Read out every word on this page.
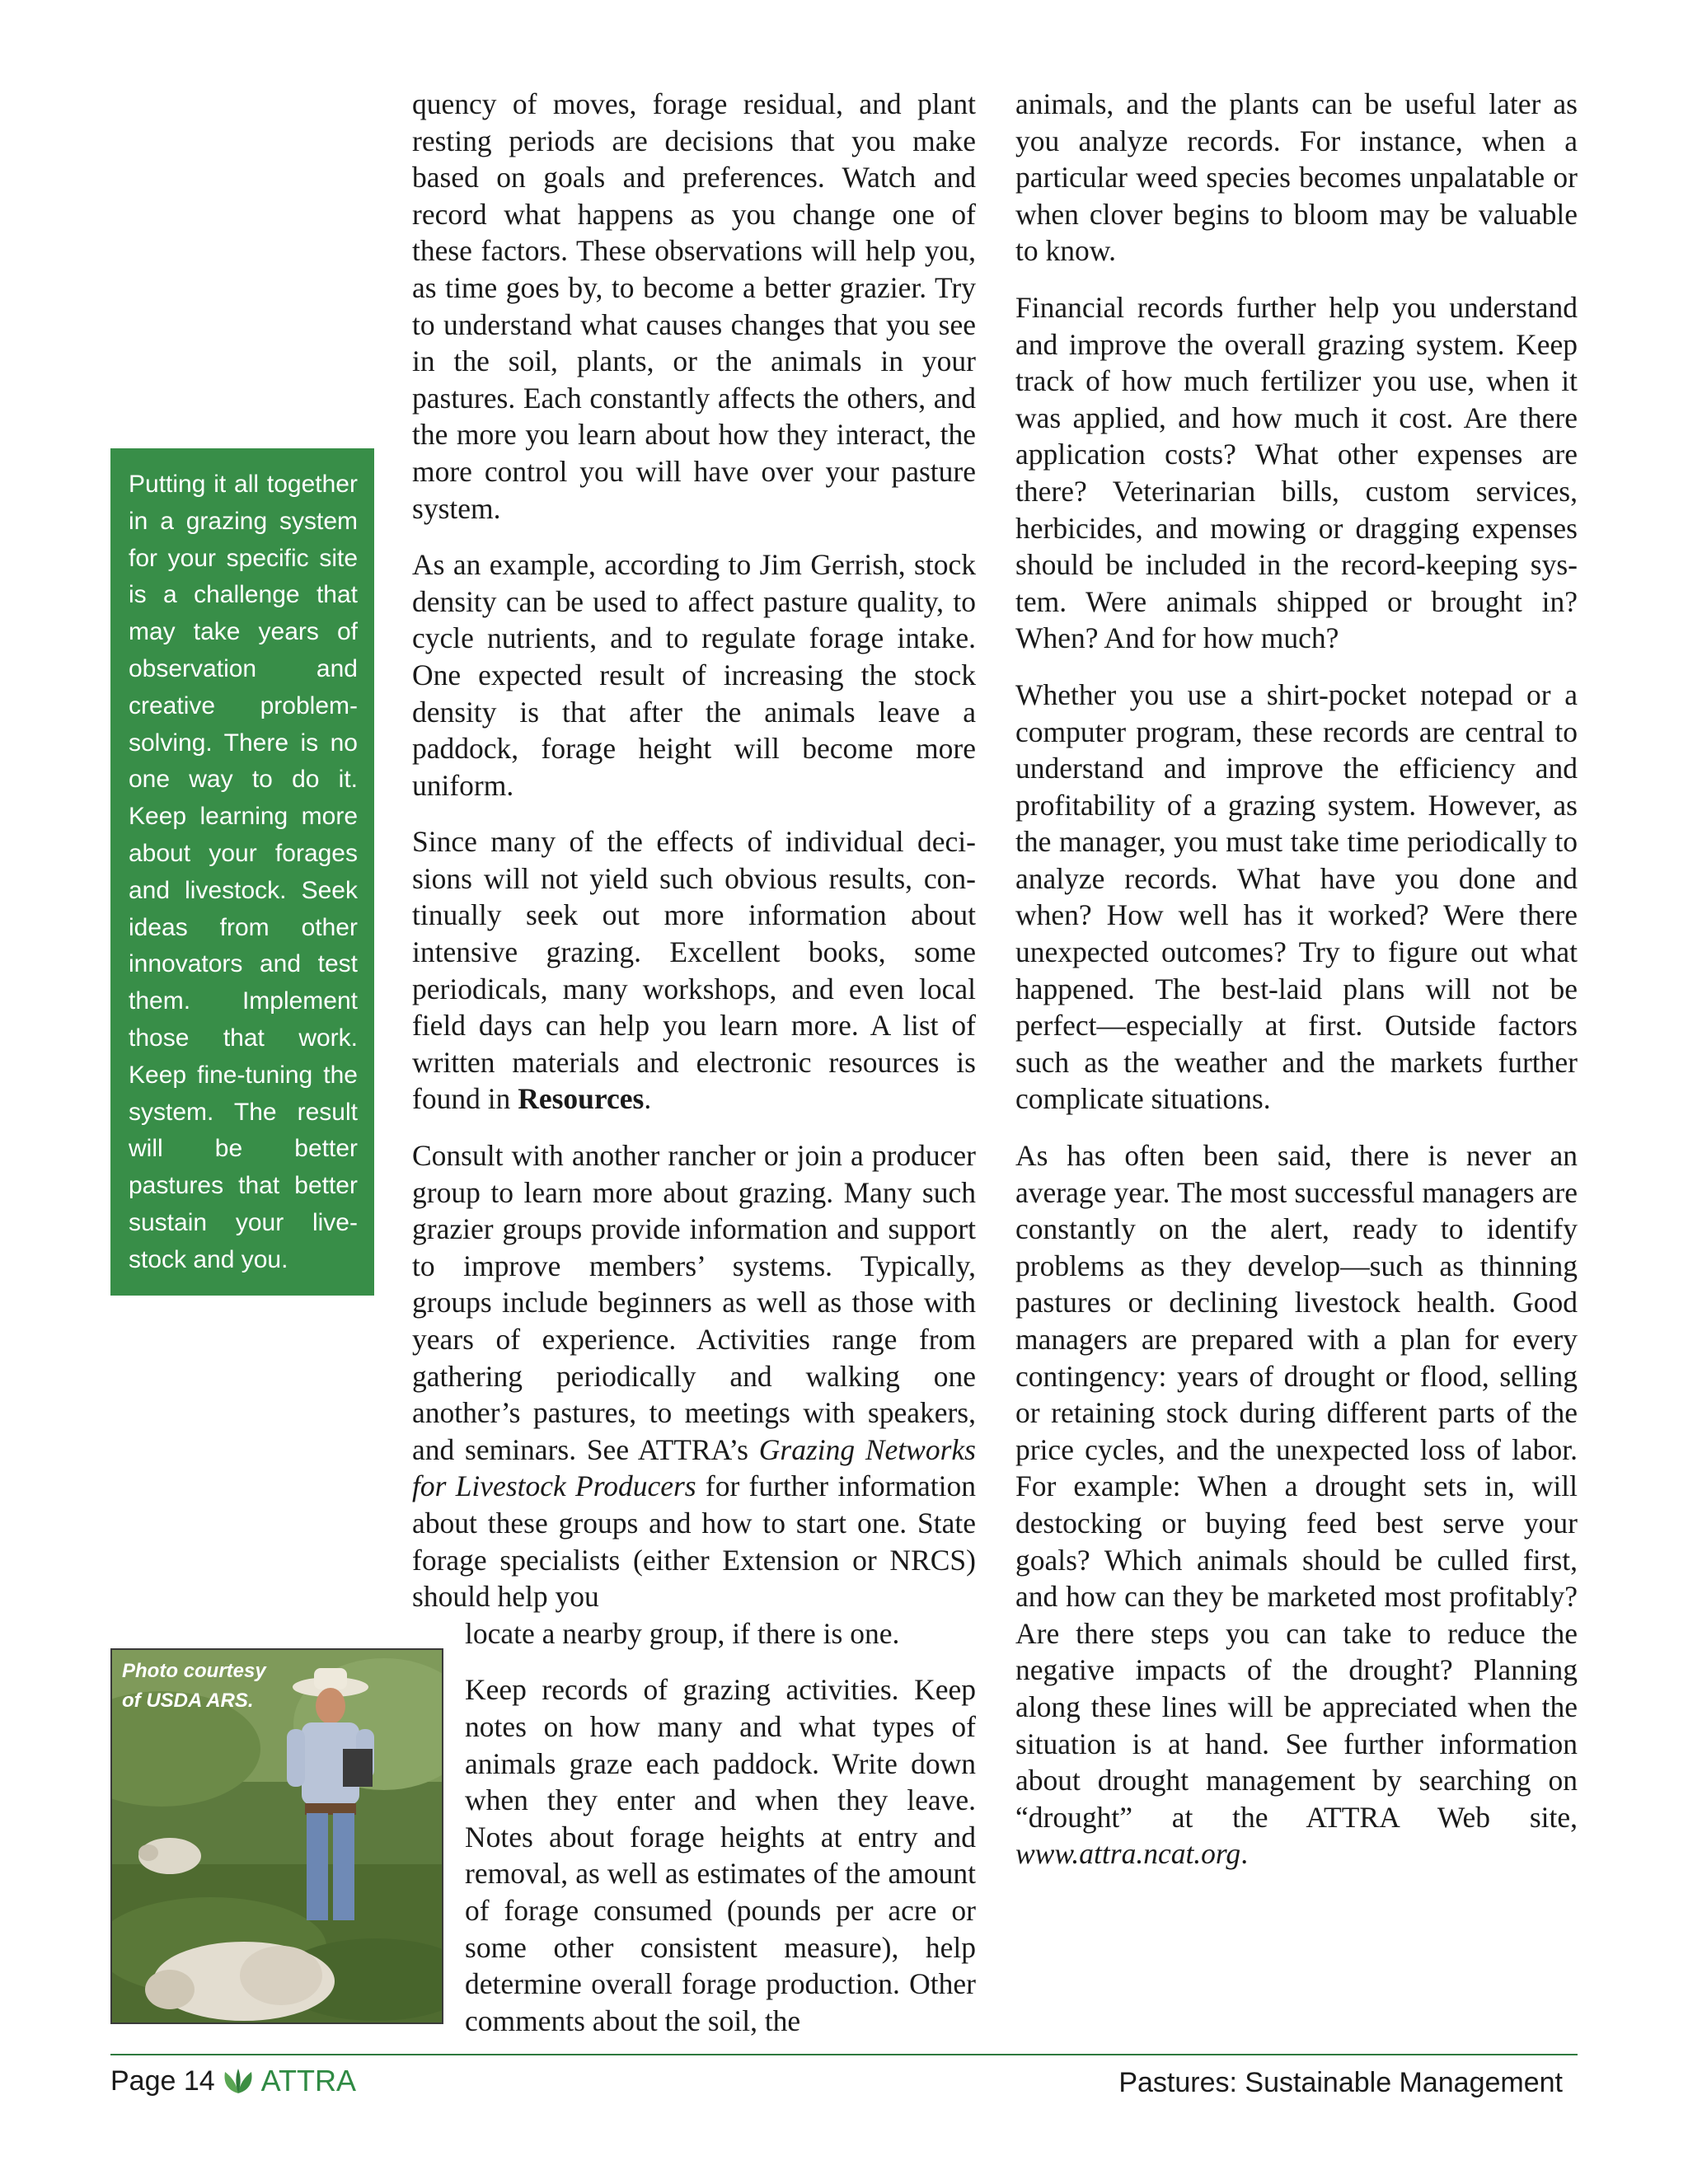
Putting it all together in a grazing system for your specific site is a challenge that may take years of observation and creative problem-solving. There is no one way to do it. Keep learning more about your forages and livestock. Seek ideas from other innovators and test them. Implement those that work. Keep fine-tuning the system. The result will be better pastures that better sustain your livestock and you.

quency of moves, forage residual, and plant resting periods are decisions that you make based on goals and preferences. Watch and record what happens as you change one of these factors. These observations will help you, as time goes by, to become a better grazier. Try to understand what causes changes that you see in the soil, plants, or the animals in your pastures. Each constantly affects the others, and the more you learn about how they interact, the more control you will have over your pasture system.

As an example, according to Jim Gerrish, stock density can be used to affect pasture quality, to cycle nutrients, and to regulate forage intake. One expected result of increasing the stock density is that after the animals leave a paddock, forage height will become more uniform.

Since many of the effects of individual decisions will not yield such obvious results, continually seek out more information about intensive grazing. Excellent books, some periodicals, many workshops, and even local field days can help you learn more. A list of written materials and electronic resources is found in Resources.

Consult with another rancher or join a producer group to learn more about grazing. Many such grazier groups provide information and support to improve members’ systems. Typically, groups include beginners as well as those with years of experience. Activities range from gathering periodically and walking one another’s pastures, to meetings with speakers, and seminars. See ATTRA’s Grazing Networks for Livestock Producers for further information about these groups and how to start one. State forage specialists (either Extension or NRCS) should help you

locate a nearby group, if there is one.

Keep records of grazing activities. Keep notes on how many and what types of animals graze each paddock. Write down when they enter and when they leave. Notes about forage heights at entry and removal, as well as estimates of the amount of forage consumed (pounds per acre or some other consistent measure), help determine overall forage production. Other comments about the soil, the

animals, and the plants can be useful later as you analyze records. For instance, when a particular weed species becomes unpalatable or when clover begins to bloom may be valuable to know.

Financial records further help you understand and improve the overall grazing system. Keep track of how much fertilizer you use, when it was applied, and how much it cost. Are there application costs? What other expenses are there? Veterinarian bills, custom services, herbicides, and mowing or dragging expenses should be included in the record-keeping system. Were animals shipped or brought in? When? And for how much?

Whether you use a shirt-pocket notepad or a computer program, these records are central to understand and improve the efficiency and profitability of a grazing system. However, as the manager, you must take time periodically to analyze records. What have you done and when? How well has it worked? Were there unexpected outcomes? Try to figure out what happened. The best-laid plans will not be perfect—especially at first. Outside factors such as the weather and the markets further complicate situations.

As has often been said, there is never an average year. The most successful managers are constantly on the alert, ready to identify problems as they develop—such as thinning pastures or declining livestock health. Good managers are prepared with a plan for every contingency: years of drought or flood, selling or retaining stock during different parts of the price cycles, and the unexpected loss of labor. For example: When a drought sets in, will destocking or buying feed best serve your goals? Which animals should be culled first, and how can they be marketed most profitably? Are there steps you can take to reduce the negative impacts of the drought? Planning along these lines will be appreciated when the situation is at hand. See further information about drought management by searching on “drought” at the ATTRA Web site, www.attra.ncat.org.

Photo courtesy of USDA ARS.
Page 14 ATTRA	Pastures: Sustainable Management
